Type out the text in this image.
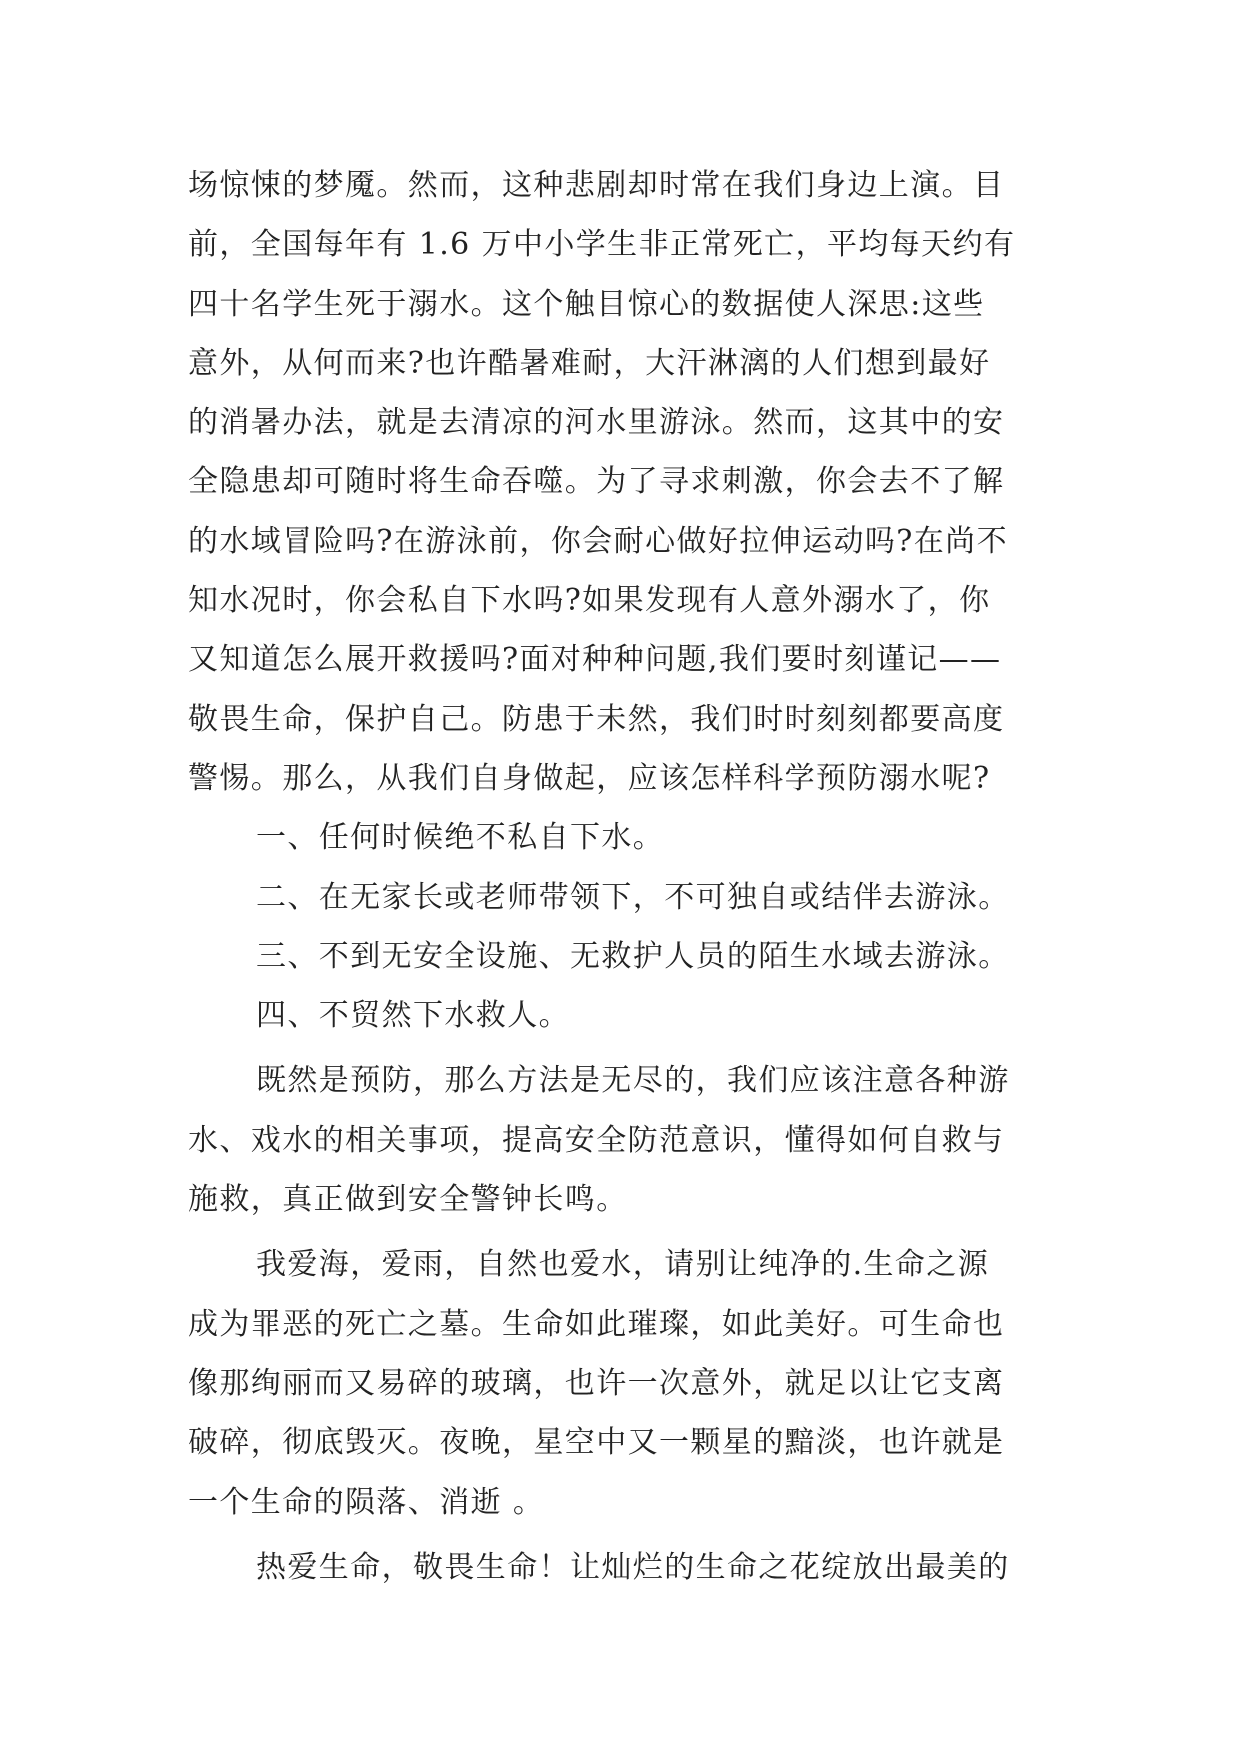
场惊悚的梦魇。然而，这种悲剧却时常在我们身边上演。目
前，全国每年有 1.6 万中小学生非正常死亡，平均每天约有
四十名学生死于溺水。这个触目惊心的数据使人深思:这些
意外，从何而来?也许酷暑难耐，大汗淋漓的人们想到最好
的消暑办法，就是去清凉的河水里游泳。然而，这其中的安
全隐患却可随时将生命吞噬。为了寻求刺激，你会去不了解
的水域冒险吗?在游泳前，你会耐心做好拉伸运动吗?在尚不
知水况时，你会私自下水吗?如果发现有人意外溺水了，你
又知道怎么展开救援吗?面对种种问题,我们要时刻谨记——
敬畏生命，保护自己。防患于未然，我们时时刻刻都要高度
警惕。那么，从我们自身做起，应该怎样科学预防溺水呢?
一、任何时候绝不私自下水。
二、在无家长或老师带领下，不可独自或结伴去游泳。
三、不到无安全设施、无救护人员的陌生水域去游泳。
四、不贸然下水救人。
既然是预防，那么方法是无尽的，我们应该注意各种游
水、戏水的相关事项，提高安全防范意识，懂得如何自救与
施救，真正做到安全警钟长鸣。
我爱海，爱雨，自然也爱水，请别让纯净的.生命之源
成为罪恶的死亡之墓。生命如此璀璨，如此美好。可生命也
像那绚丽而又易碎的玻璃，也许一次意外，就足以让它支离
破碎，彻底毁灭。夜晚，星空中又一颗星的黯淡，也许就是
一个生命的陨落、消逝 。
热爱生命，敬畏生命！让灿烂的生命之花绽放出最美的
